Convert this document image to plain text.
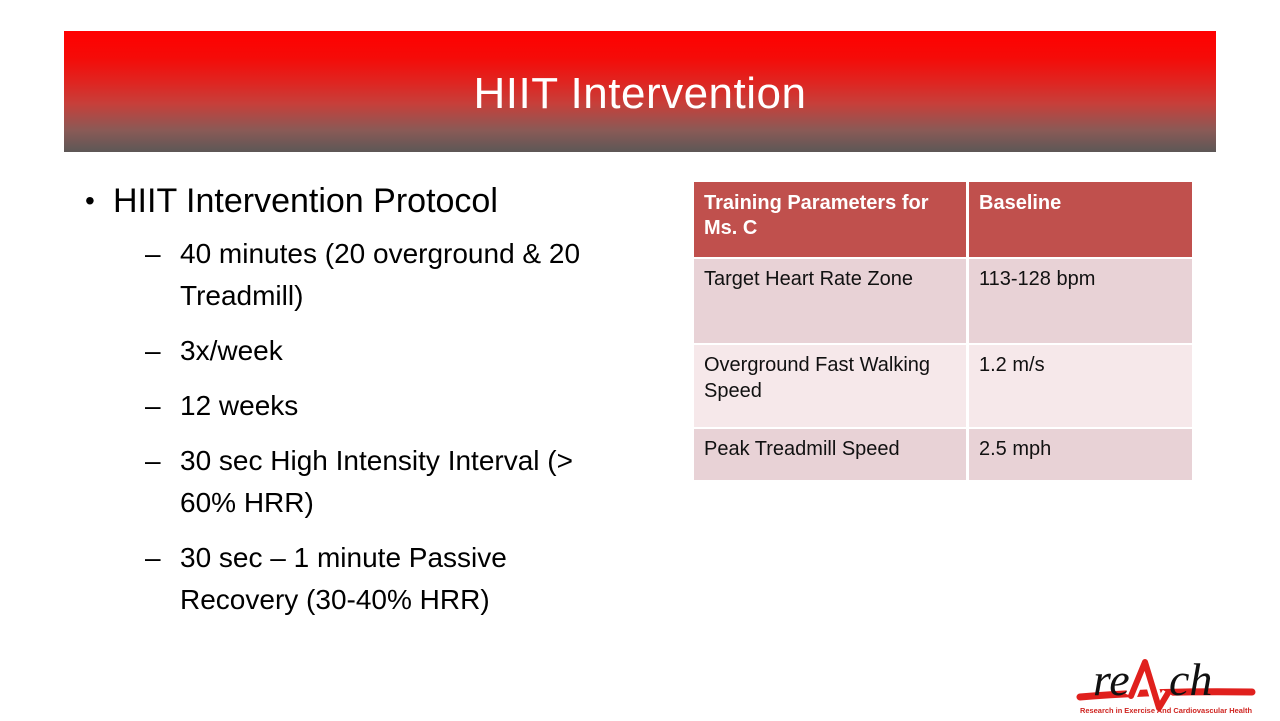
HIIT Intervention
• HIIT Intervention Protocol
– 40 minutes (20 overground & 20 Treadmill)
– 3x/week
– 12 weeks
– 30 sec High Intensity Interval (> 60% HRR)
– 30 sec – 1 minute Passive Recovery (30-40% HRR)
Training Parameters for Ms. C
Baseline
Target Heart Rate Zone	113-128 bpm
Overground Fast Walking Speed
1.2 m/s
Peak Treadmill Speed	2.5 mph
re ch
Research in Exercise And Cardiovascular Health
